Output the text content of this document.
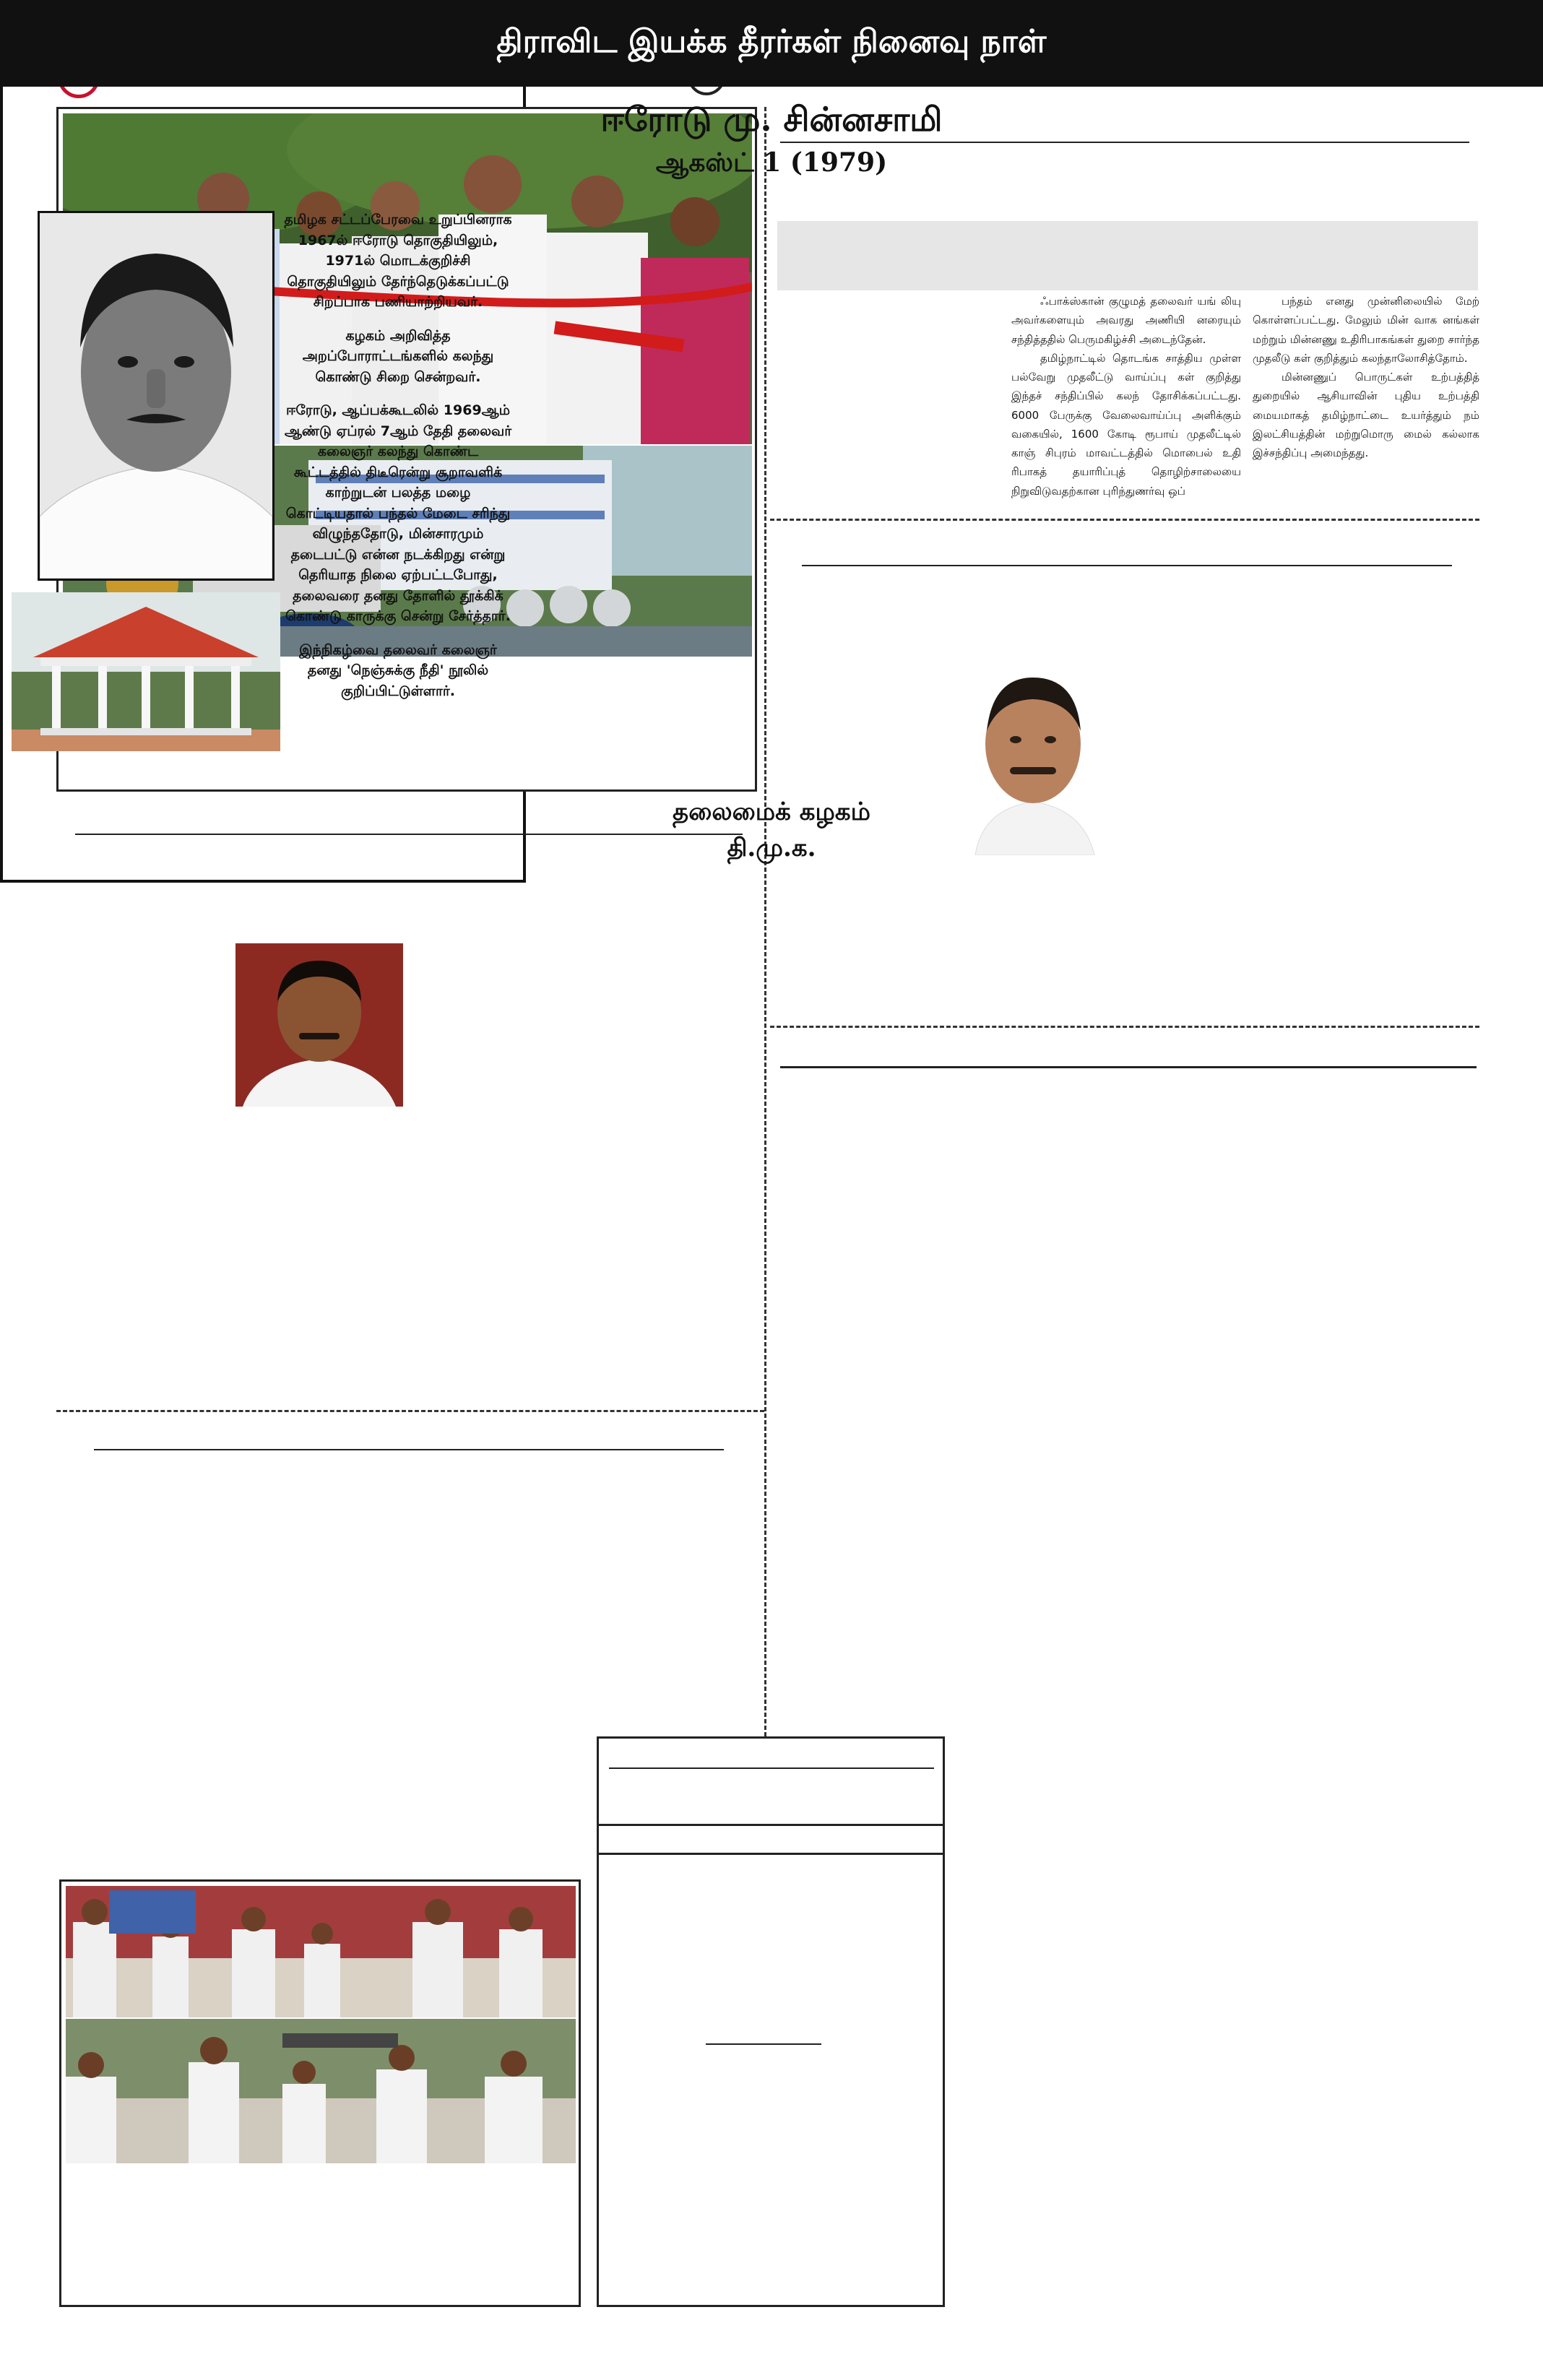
ஃபாக்ஸ்கான் குழுமத் தலைவர் யங் லியு அவர்களையும் அவரது அணியி னரையும் சந்தித்ததில் பெருமகிழ்ச்சி அடைந்தேன்.

தமிழ்நாட்டில் தொடங்க சாத்திய முள்ள பல்வேறு முதலீட்டு வாய்ப்பு கள் குறித்து இந்தச் சந்திப்பில் கலந் தோசிக்கப்பட்டது. 6000 பேருக்கு வேலைவாய்ப்பு அளிக்கும் வகையில், 1600 கோடி ரூபாய் முதலீட்டில் காஞ் சிபுரம் மாவட்டத்தில் மொபைல் உதி ரிபாகத் தயாரிப்புத் தொழிற்சாலையை நிறுவிடுவதற்கான புரிந்துணர்வு ஒப்

பந்தம் எனது முன்னிலையில் மேற் கொள்ளப்பட்டது. மேலும் மின் வாக னங்கள் மற்றும் மின்னணு உதிரிபாகங்கள் துறை சார்ந்த முதலீடு கள் குறித்தும் கலந்தாலோசித்தோம்.

மின்னணுப் பொருட்கள் உற்பத்தித் துறையில் ஆசியாவின் புதிய உற்பத்தி மையமாகத் தமிழ்நாட்டை உயர்த்தும் நம் இலட்சியத்தின் மற்றுமொரு மைல் கல்லாக இச்சந்திப்பு அமைந்தது.

திராவிட இயக்க தீரர்கள் நினைவு நாள்
ஈரோடு மு. சின்னசாமி
ஆகஸ்ட் 1 (1979)

தமிழக சட்டப்பேரவை உறுப்பினராக 1967ல் ஈரோடு தொகுதியிலும், 1971ல் மொடக்குறிச்சி தொகுதியிலும் தேர்ந்தெடுக்கப்பட்டு சிறப்பாக பணியாற்றியவர்.

கழகம் அறிவித்த அறப்போராட்டங்களில் கலந்து கொண்டு சிறை சென்றவர்.

ஈரோடு, ஆப்பக்கூடலில் 1969ஆம் ஆண்டு ஏப்ரல் 7ஆம் தேதி தலைவர் கலைஞர் கலந்து கொண்ட கூட்டத்தில் திடீரென்று சூறாவளிக் காற்றுடன் பலத்த மழை கொட்டியதால் பந்தல் மேடை சரிந்து விழுந்ததோடு, மின்சாரமும் தடைபட்டு என்ன நடக்கிறது என்று தெரியாத நிலை ஏற்பட்டபோது, தலைவரை தனது தோளில் தூக்கிக் கொண்டு காருக்கு சென்று சேர்த்தார்.

இந்நிகழ்வை தலைவர் கலைஞர் தனது 'நெஞ்சுக்கு நீதி' நூலில் குறிப்பிட்டுள்ளார்.

தலைமைக் கழகம்
தி.மு.க.
